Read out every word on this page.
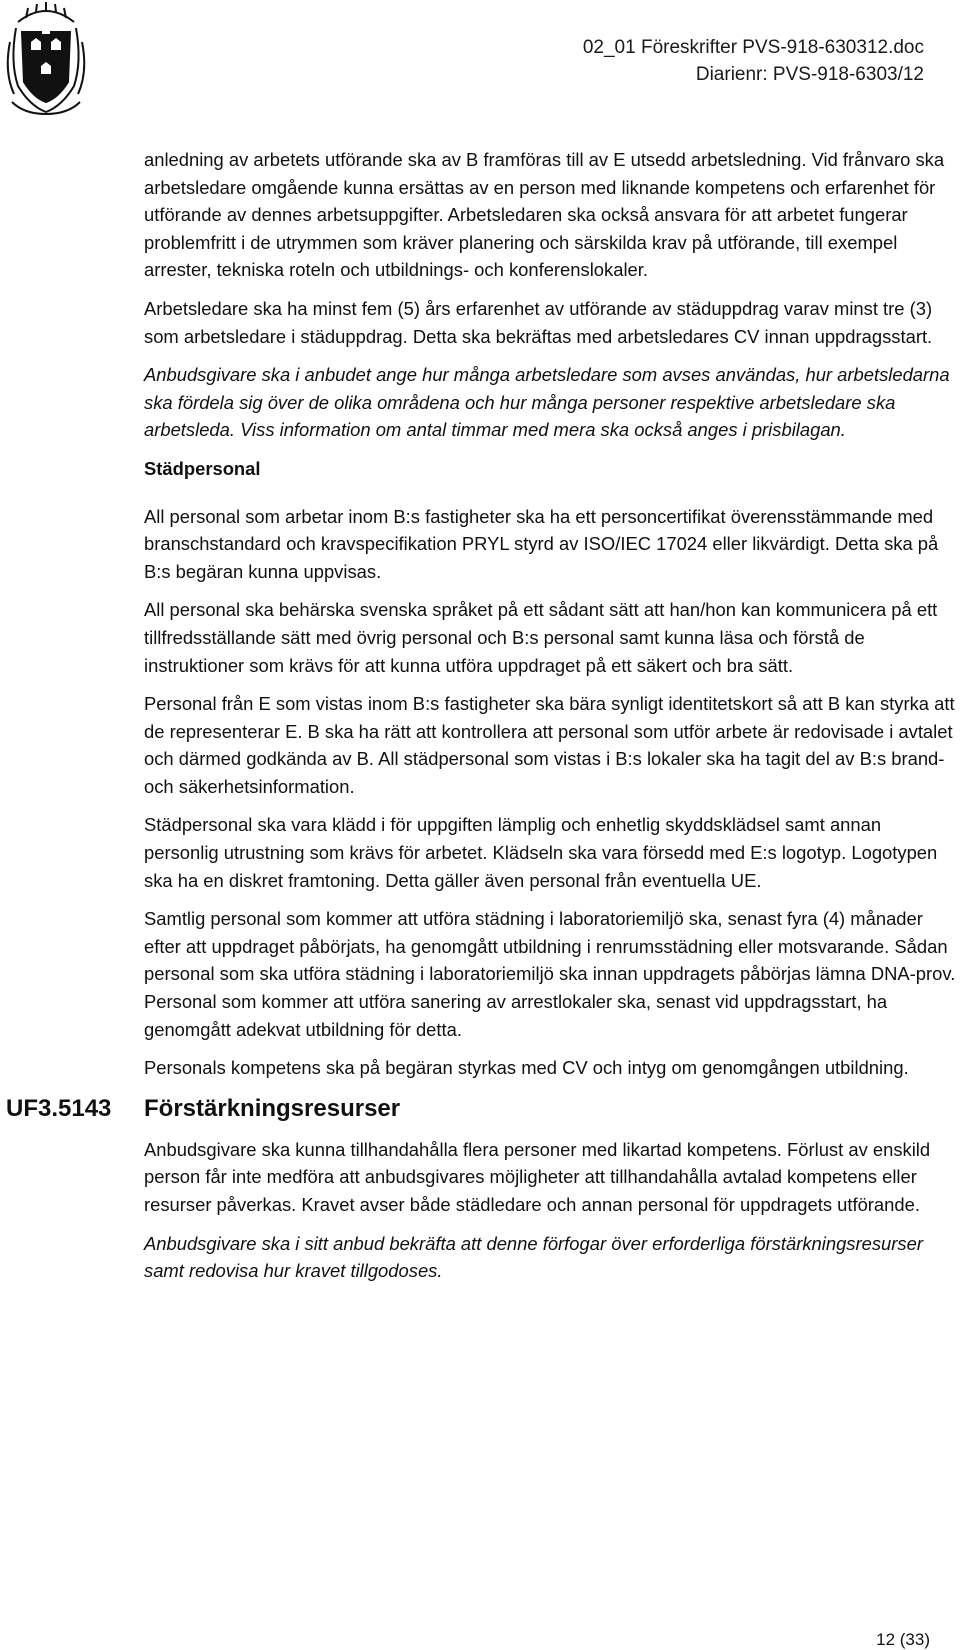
02_01 Föreskrifter PVS-918-630312.doc
Diarienr: PVS-918-6303/12

anledning av arbetets utförande ska av B framföras till av E utsedd arbetsledning. Vid frånvaro ska arbetsledare omgående kunna ersättas av en person med liknande kompetens och erfarenhet för utförande av dennes arbetsuppgifter. Arbetsledaren ska också ansvara för att arbetet fungerar problemfritt i de utrymmen som kräver planering och särskilda krav på utförande, till exempel arrester, tekniska roteln och utbildnings- och konferenslokaler.

Arbetsledare ska ha minst fem (5) års erfarenhet av utförande av städuppdrag varav minst tre (3) som arbetsledare i städuppdrag. Detta ska bekräftas med arbetsledares CV innan uppdragsstart.

Anbudsgivare ska i anbudet ange hur många arbetsledare som avses användas, hur arbetsledarna ska fördela sig över de olika områdena och hur många personer respektive arbetsledare ska arbetsleda. Viss information om antal timmar med mera ska också anges i prisbilagan.

Städpersonal

All personal som arbetar inom B:s fastigheter ska ha ett personcertifikat överensstämmande med branschstandard och kravspecifikation PRYL styrd av ISO/IEC 17024 eller likvärdigt. Detta ska på B:s begäran kunna uppvisas.

All personal ska behärska svenska språket på ett sådant sätt att han/hon kan kommunicera på ett tillfredsställande sätt med övrig personal och B:s personal samt kunna läsa och förstå de instruktioner som krävs för att kunna utföra uppdraget på ett säkert och bra sätt.

Personal från E som vistas inom B:s fastigheter ska bära synligt identitetskort så att B kan styrka att de representerar E. B ska ha rätt att kontrollera att personal som utför arbete är redovisade i avtalet och därmed godkända av B. All städpersonal som vistas i B:s lokaler ska ha tagit del av B:s brand- och säkerhetsinformation.

Städpersonal ska vara klädd i för uppgiften lämplig och enhetlig skyddsklädsel samt annan personlig utrustning som krävs för arbetet. Klädseln ska vara försedd med E:s logotyp. Logotypen ska ha en diskret framtoning. Detta gäller även personal från eventuella UE.

Samtlig personal som kommer att utföra städning i laboratoriemiljö ska, senast fyra (4) månader efter att uppdraget påbörjats, ha genomgått utbildning i renrumsstädning eller motsvarande. Sådan personal som ska utföra städning i laboratoriemiljö ska innan uppdragets påbörjas lämna DNA-prov. Personal som kommer att utföra sanering av arrestlokaler ska, senast vid uppdragsstart, ha genomgått adekvat utbildning för detta.

Personals kompetens ska på begäran styrkas med CV och intyg om genomgången utbildning.

UF3.5143 Förstärkningsresurser

Anbudsgivare ska kunna tillhandahålla flera personer med likartad kompetens. Förlust av enskild person får inte medföra att anbudsgivares möjligheter att tillhandahålla avtalad kompetens eller resurser påverkas. Kravet avser både städledare och annan personal för uppdragets utförande.

Anbudsgivare ska i sitt anbud bekräfta att denne förfogar över erforderliga förstärkningsresurser samt redovisa hur kravet tillgodoses.

12 (33)
